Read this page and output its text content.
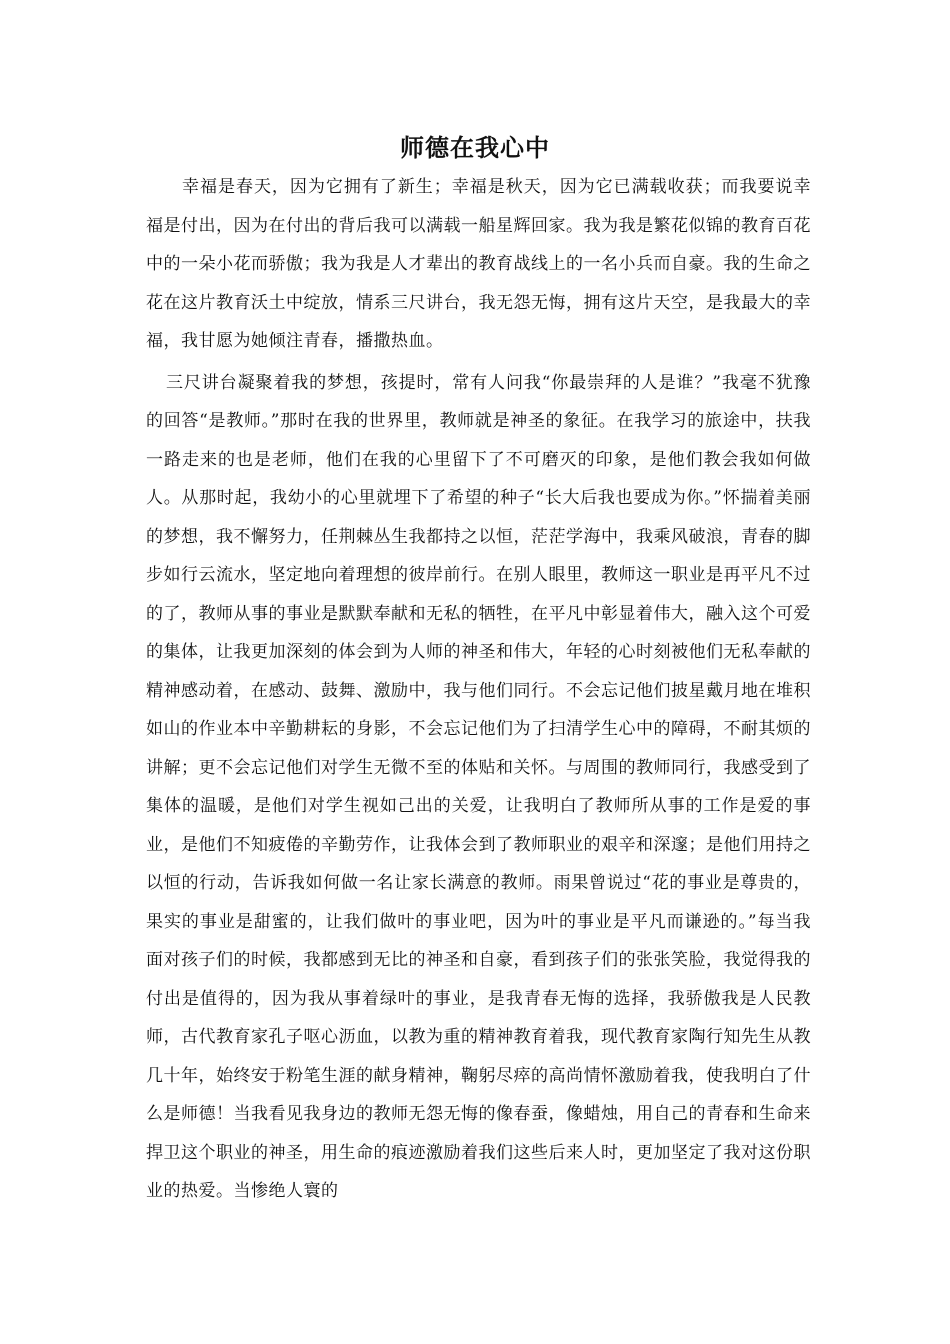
师德在我心中

幸福是春天，因为它拥有了新生；幸福是秋天，因为它已满载收获；而我要说幸福是付出，因为在付出的背后我可以满载一船星辉回家。我为我是繁花似锦的教育百花中的一朵小花而骄傲；我为我是人才辈出的教育战线上的一名小兵而自豪。我的生命之花在这片教育沃土中绽放，情系三尺讲台，我无怨无悔，拥有这片天空，是我最大的幸福，我甘愿为她倾注青春，播撒热血。

三尺讲台凝聚着我的梦想，孩提时，常有人问我“你最崇拜的人是谁？”我毫不犹豫的回答“是教师。”那时在我的世界里，教师就是神圣的象征。在我学习的旅途中，扶我一路走来的也是老师，他们在我的心里留下了不可磨灭的印象，是他们教会我如何做人。从那时起，我幼小的心里就埋下了希望的种子“长大后我也要成为你。”怀揣着美丽的梦想，我不懈努力，任荆棘丛生我都持之以恒，茫茫学海中，我乘风破浪，青春的脚步如行云流水，坚定地向着理想的彼岸前行。在别人眼里，教师这一职业是再平凡不过的了，教师从事的事业是默默奉献和无私的牺牲，在平凡中彰显着伟大，融入这个可爱的集体，让我更加深刻的体会到为人师的神圣和伟大，年轻的心时刻被他们无私奉献的精神感动着，在感动、鼓舞、激励中，我与他们同行。不会忘记他们披星戴月地在堆积如山的作业本中辛勤耕耘的身影，不会忘记他们为了扫清学生心中的障碍，不耐其烦的讲解；更不会忘记他们对学生无微不至的体贴和关怀。与周围的教师同行，我感受到了集体的温暖，是他们对学生视如己出的关爱，让我明白了教师所从事的工作是爱的事业，是他们不知疲倦的辛勤劳作，让我体会到了教师职业的艰辛和深邃；是他们用持之以恒的行动，告诉我如何做一名让家长满意的教师。雨果曾说过“花的事业是尊贵的，果实的事业是甜蜜的，让我们做叶的事业吧，因为叶的事业是平凡而谦逊的。”每当我面对孩子们的时候，我都感到无比的神圣和自豪，看到孩子们的张张笑脸，我觉得我的付出是值得的，因为我从事着绿叶的事业，是我青春无悔的选择，我骄傲我是人民教师，古代教育家孔子呕心沥血，以教为重的精神教育着我，现代教育家陶行知先生从教几十年，始终安于粉笔生涯的献身精神，鞠躬尽瘁的高尚情怀激励着我，使我明白了什么是师德！当我看见我身边的教师无怨无悔的像春蚕，像蜡烛，用自己的青春和生命来捍卫这个职业的神圣，用生命的痕迹激励着我们这些后来人时，更加坚定了我对这份职业的热爱。当惨绝人寰的
